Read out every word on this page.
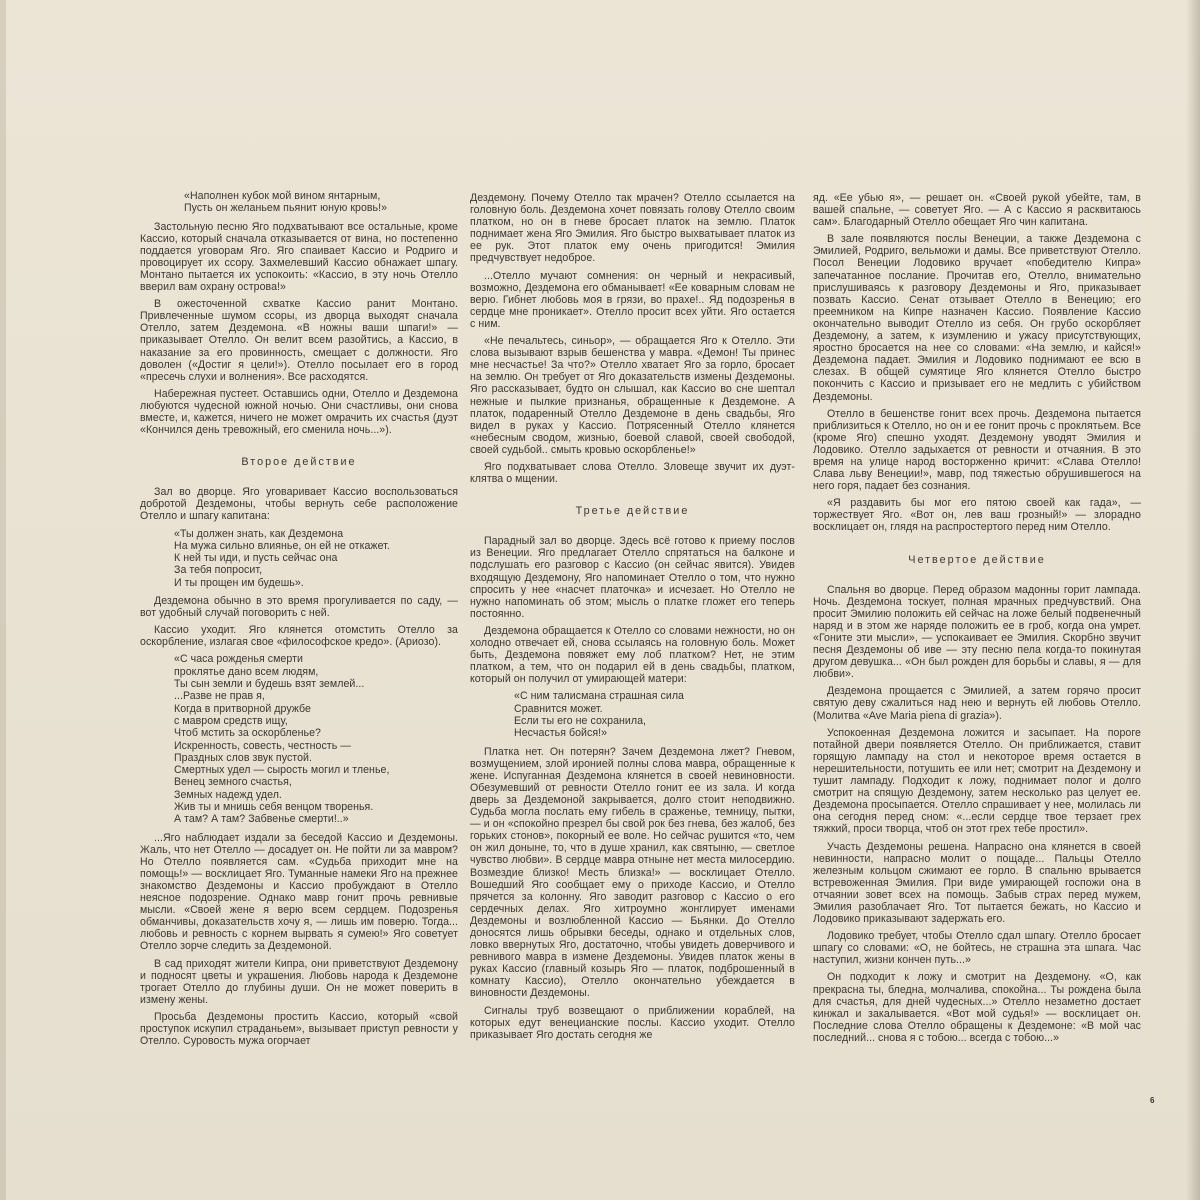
«Наполнен кубок мой вином янтарным,
Пусть он желаньем пьянит юную кровь!»

Застольную песню Яго подхватывают все остальные, кроме Кассио, который сначала отказывается от вина, но постепенно поддается уговорам Яго. Яго спаивает Кассио и Родриго и провоцирует их ссору. Захмелевший Кассио обнажает шпагу. Монтано пытается их успокоить: «Кассио, в эту ночь Отелло вверил вам охрану острова!»

В ожесточенной схватке Кассио ранит Монтано. Привлеченные шумом ссоры, из дворца выходят сначала Отелло, затем Дездемона. «В ножны ваши шпаги!» — приказывает Отелло. Он велит всем разойтись, а Кассио, в наказание за его провинность, смещает с должности. Яго доволен («Достиг я цели!»). Отелло посылает его в город «пресечь слухи и волнения». Все расходятся.

Набережная пустеет. Оставшись одни, Отелло и Дездемона любуются чудесной южной ночью. Они счастливы, они снова вместе, и, кажется, ничего не может омрачить их счастья (дуэт «Кончился день тревожный, его сменила ночь...»).

Второе действие

Зал во дворце. Яго уговаривает Кассио воспользоваться добротой Дездемоны, чтобы вернуть себе расположение Отелло и шпагу капитана:

«Ты должен знать, как Дездемона
На мужа сильно влиянье, он ей не откажет.
К ней ты иди, и пусть сейчас она
За тебя попросит,
И ты прощен им будешь».

Дездемона обычно в это время прогуливается по саду, — вот удобный случай поговорить с ней.

Кассио уходит. Яго клянется отомстить Отелло за оскорбление, излагая свое «философское кредо». (Ариозо).

«С часа рожденья смерти
проклятье дано всем людям,
Ты сын земли и будешь взят землей...
...Разве не прав я,
Когда в притворной дружбе
с мавром средств ищу,
Чтоб мстить за оскорбленье?
Искренность, совесть, честность —
Праздных слов звук пустой.
Смертных удел — сырость могил и тленье,
Венец земного счастья,
Земных надежд удел.
Жив ты и мнишь себя венцом творенья.
А там? А там? Забвенье смерти!..»

...Яго наблюдает издали за беседой Кассио и Дездемоны. Жаль, что нет Отелло — досадует он. Не пойти ли за мавром? Но Отелло появляется сам. «Судьба приходит мне на помощь!» — восклицает Яго. Туманные намеки Яго на прежнее знакомство Дездемоны и Кассио пробуждают в Отелло неясное подозрение. Однако мавр гонит прочь ревнивые мысли. «Своей жене я верю всем сердцем. Подозренья обманчивы, доказательств хочу я, — лишь им поверю. Тогда... любовь и ревность с корнем вырвать я сумею!» Яго советует Отелло зорче следить за Дездемоной.

В сад приходят жители Кипра, они приветствуют Дездемону и подносят цветы и украшения. Любовь народа к Дездемоне трогает Отелло до глубины души. Он не может поверить в измену жены.

Просьба Дездемоны простить Кассио, который «свой проступок искупил страданьем», вызывает приступ ревности у Отелло. Суровость мужа огорчает

Дездемону. Почему Отелло так мрачен? Отелло ссылается на головную боль. Дездемона хочет повязать голову Отелло своим платком, но он в гневе бросает платок на землю. Платок поднимает жена Яго Эмилия. Яго быстро выхватывает платок из ее рук. Этот платок ему очень пригодится! Эмилия предчувствует недоброе.

...Отелло мучают сомнения: он черный и некрасивый, возможно, Дездемона его обманывает! «Ее коварным словам не верю. Гибнет любовь моя в грязи, во прахе!.. Яд подозренья в сердце мне проникает». Отелло просит всех уйти. Яго остается с ним.

«Не печальтесь, синьор», — обращается Яго к Отелло. Эти слова вызывают взрыв бешенства у мавра. «Демон! Ты принес мне несчастье! За что?» Отелло хватает Яго за горло, бросает на землю. Он требует от Яго доказательств измены Дездемоны. Яго рассказывает, будто он слышал, как Кассио во сне шептал нежные и пылкие признанья, обращенные к Дездемоне. А платок, подаренный Отелло Дездемоне в день свадьбы, Яго видел в руках у Кассио. Потрясенный Отелло клянется «небесным сводом, жизнью, боевой славой, своей свободой, своей судьбой.. смыть кровью оскорбленье!»

Яго подхватывает слова Отелло. Зловеще звучит их дуэт-клятва о мщении.

Третье действие

Парадный зал во дворце. Здесь всё готово к приему послов из Венеции. Яго предлагает Отелло спрятаться на балконе и подслушать его разговор с Кассио (он сейчас явится). Увидев входящую Дездемону, Яго напоминает Отелло о том, что нужно спросить у нее «насчет платочка» и исчезает. Но Отелло не нужно напоминать об этом; мысль о платке гложет его теперь постоянно.

Дездемона обращается к Отелло со словами нежности, но он холодно отвечает ей, снова ссылаясь на головную боль. Может быть, Дездемона повяжет ему лоб платком? Нет, не этим платком, а тем, что он подарил ей в день свадьбы, платком, который он получил от умирающей матери:

«С ним талисмана страшная сила
Сравнится может.
Если ты его не сохранила,
Несчастья бойся!»

Платка нет. Он потерян? Зачем Дездемона лжет? Гневом, возмущением, злой иронией полны слова мавра, обращенные к жене. Испуганная Дездемона клянется в своей невиновности. Обезумевший от ревности Отелло гонит ее из зала. И когда дверь за Дездемоной закрывается, долго стоит неподвижно. Судьба могла послать ему гибель в сраженье, темницу, пытки, — и он «спокойно презрел бы свой рок без гнева, без жалоб, без горьких стонов», покорный ее воле. Но сейчас рушится «то, чем он жил доныне, то, что в душе хранил, как святыню, — светлое чувство любви». В сердце мавра отныне нет места милосердию. Возмездие близко! Месть близка!» — восклицает Отелло. Вошедший Яго сообщает ему о приходе Кассио, и Отелло прячется за колонну. Яго заводит разговор с Кассио о его сердечных делах. Яго хитроумно жонглирует именами Дездемоны и возлюбленной Кассио — Бьянки. До Отелло доносятся лишь обрывки беседы, однако и отдельных слов, ловко ввернутых Яго, достаточно, чтобы увидеть доверчивого и ревнивого мавра в измене Дездемоны. Увидев платок жены в руках Кассио (главный козырь Яго — платок, подброшенный в комнату Кассио), Отелло окончательно убеждается в виновности Дездемоны.

Сигналы труб возвещают о приближении кораблей, на которых едут венецианские послы. Кассио уходит. Отелло приказывает Яго достать сегодня же

яд. «Ее убью я», — решает он. «Своей рукой убейте, там, в вашей спальне, — советует Яго. — А с Кассио я расквитаюсь сам». Благодарный Отелло обещает Яго чин капитана.

В зале появляются послы Венеции, а также Дездемона с Эмилией, Родриго, вельможи и дамы. Все приветствуют Отелло. Посол Венеции Лодовико вручает «победителю Кипра» запечатанное послание. Прочитав его, Отелло, внимательно прислушиваясь к разговору Дездемоны и Яго, приказывает позвать Кассио. Сенат отзывает Отелло в Венецию; его преемником на Кипре назначен Кассио. Появление Кассио окончательно выводит Отелло из себя. Он грубо оскорбляет Дездемону, а затем, к изумлению и ужасу присутствующих, яростно бросается на нее со словами: «На землю, и кайся!» Дездемона падает. Эмилия и Лодовико поднимают ее всю в слезах. В общей сумятице Яго клянется Отелло быстро покончить с Кассио и призывает его не медлить с убийством Дездемоны.

Отелло в бешенстве гонит всех прочь. Дездемона пытается приблизиться к Отелло, но он и ее гонит прочь с проклятьем. Все (кроме Яго) спешно уходят. Дездемону уводят Эмилия и Лодовико. Отелло задыхается от ревности и отчаяния. В это время на улице народ восторженно кричит: «Слава Отелло! Слава льву Венеции!», мавр, под тяжестью обрушившегося на него горя, падает без сознания.

«Я раздавить бы мог его пятою своей как гада», — торжествует Яго. «Вот он, лев ваш грозный!» — злорадно восклицает он, глядя на распростертого перед ним Отелло.

Четвертое действие

Спальня во дворце. Перед образом мадонны горит лампада. Ночь. Дездемона тоскует, полная мрачных предчувствий. Она просит Эмилию положить ей сейчас на ложе белый подвенечный наряд и в этом же наряде положить ее в гроб, когда она умрет. «Гоните эти мысли», — успокаивает ее Эмилия. Скорбно звучит песня Дездемоны об иве — эту песню пела когда-то покинутая другом девушка... «Он был рожден для борьбы и славы, я — для любви».

Дездемона прощается с Эмилией, а затем горячо просит святую деву сжалиться над нею и вернуть ей любовь Отелло. (Молитва «Ave Maria piena di grazia»).

Успокоенная Дездемона ложится и засыпает. На пороге потайной двери появляется Отелло. Он приближается, ставит горящую лампаду на стол и некоторое время остается в нерешительности, потушить ее или нет; смотрит на Дездемону и тушит лампаду. Подходит к ложу, поднимает полог и долго смотрит на спящую Дездемону, затем несколько раз целует ее. Дездемона просыпается. Отелло спрашивает у нее, молилась ли она сегодня перед сном: «...если сердце твое терзает грех тяжкий, проси творца, чтоб он этот грех тебе простил».

Участь Дездемоны решена. Напрасно она клянется в своей невинности, напрасно молит о пощаде... Пальцы Отелло железным кольцом сжимают ее горло. В спальню врывается встревоженная Эмилия. При виде умирающей госпожи она в отчаянии зовет всех на помощь. Забыв страх перед мужем, Эмилия разоблачает Яго. Тот пытается бежать, но Кассио и Лодовико приказывают задержать его.

Лодовико требует, чтобы Отелло сдал шпагу. Отелло бросает шпагу со словами: «О, не бойтесь, не страшна эта шпага. Час наступил, жизни кончен путь...»

Он подходит к ложу и смотрит на Дездемону. «О, как прекрасна ты, бледна, молчалива, спокойна... Ты рождена была для счастья, для дней чудесных...» Отелло незаметно достает кинжал и закалывается. «Вот мой судья!» — восклицает он. Последние слова Отелло обращены к Дездемоне: «В мой час последний... снова я с тобою... всегда с тобою...»

6
